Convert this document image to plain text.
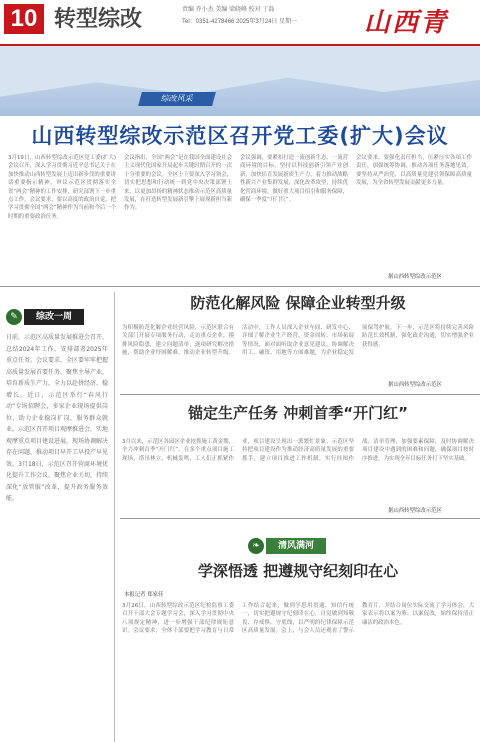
10 转型综改	责编 乔小杰 美编 梁晓峰 校对 丁磊
Tel：0351-4278466 2025年3月24日 星期一	山西青
综改风采
山西转型综改示范区召开党工委(扩大)会议
3月19日，山西转型综改示范区党工委(扩大)会议召开，深入学习贯彻习近平总书记关于在加快推动山西转型发展上迈出新步伐的重要讲话重要指示精神，审议示范区贯彻落实全省“两会”精神的工作安排，研究部署下一步重点工作。会议要求，要以高度的政治自觉，把学习贯彻全国“两会”精神作为当前和今后一个时期的重要政治任务。
会议指出，全国“两会”是在我国全面建设社会主义现代化国家开局起步关键时期召开的一次十分重要的会议。全区上下要深入学习领会，切实把思想和行动统一到党中央决策部署上来，以更加昂扬的精神状态推动示范区高质量发展，在打造转型发展新引擎上展现新担当新作为。
会议强调，要紧扣打造一流创新生态、一流营商环境的目标，坚持以科技创新引领产业创新，加快培育发展新质生产力，着力推动战略性新兴产业集群发展，深化改革攻坚，持续优化营商环境，做好重大项目招引和服务保障，确保一季度“开门红”。
会议要求，要强化责任担当，压紧压实各项工作责任，加强统筹协调，推动各项任务落地见效。要坚持从严治党，以高质量党建引领保障高质量发展，为全省转型发展贡献更多力量。
据山西转型综改示范区
✎	综改一周
日前，示范区高质量发展推进会召开，总结2024年工作，安排部署2025年重点任务。会议要求，全区要牢牢把握高质量发展首要任务，聚焦主导产业，培育新质生产力，全力以赴拼经济、稳增长。近日，示范区举行“春风行动”专场招聘会，多家企业现场提供岗位，助力企业稳岗扩岗，服务群众就业。示范区召开项目观摩推进会，实地观摩重点项目建设进展，现场协调解决存在问题，推动项目早开工早投产早见效。3月18日，示范区召开营商环境优化提升工作会议，聚焦企业关切，持续深化“放管服”改革，提升政务服务效能。
防范化解风险 保障企业转型升级
为积极防范化解企业经营风险，示范区联合有关部门开展专项服务行动，走访重点企业，摸排风险隐患，建立问题清单，逐项研究解决措施，帮助企业纾困解难，推动企业转型升级。活动中，工作人员深入企业车间、研发中心，详细了解企业生产经营、资金周转、市场拓展等情况，面对面听取企业意见建议，协调解决用工、融资、用地等方面难题，为企业稳定发展保驾护航。下一步，示范区将持续完善风险防范长效机制，强化政企沟通，切实增强企业获得感。
据山西转型综改示范区
锚定生产任务 冲刺首季“开门红”
3月以来，示范区各园区企业抢抓施工黄金期，全力冲刺首季“开门红”。在多个重点项目施工现场，塔吊林立、机械轰鸣，工人们正抓紧作业，项目建设呈现出一派繁忙景象。示范区坚持把项目建设作为推动经济高质量发展的重要抓手，建立项目推进工作机制，实行挂图作战、清单管理，加强要素保障，及时协调解决项目建设中遇到的困难和问题，确保项目按时序推进，为实现全年目标任务打下坚实基础。
据山西转型综改示范区
❧	清风满河
学深悟透 把遵规守纪刻印在心
本报记者 郑家佳
3月26日，山西转型综改示范区纪检监察工委召开干部大会专题学习会，深入学习贯彻中央八项规定精神，进一步增强干部纪律规矩意识。会议要求，全体干部要把学习教育与日常工作结合起来，做到学思用贯通、知信行统一，切实把遵规守纪刻印在心，自觉做到知敬畏、存戒惧、守底线，以严明的纪律保障示范区高质量发展。会上，与会人员还观看了警示教育片，并结合岗位实际交流了学习体会，大家表示将以案为鉴、以案促改，始终保持清正廉洁的政治本色。
